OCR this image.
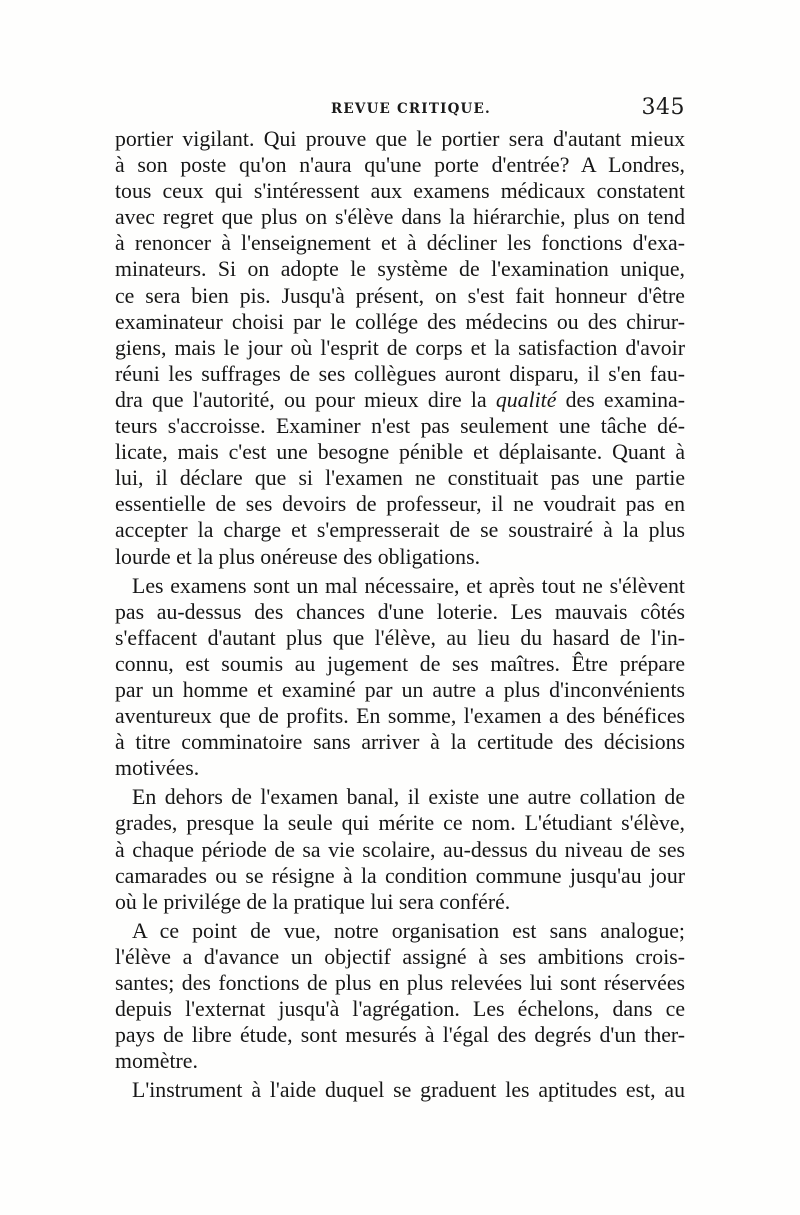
REVUE CRITIQUE.	345
portier vigilant. Qui prouve que le portier sera d'autant mieux
à son poste qu'on n'aura qu'une porte d'entrée? A Londres,
tous ceux qui s'intéressent aux examens médicaux constatent
avec regret que plus on s'élève dans la hiérarchie, plus on tend
à renoncer à l'enseignement et à décliner les fonctions d'exa-
minateurs. Si on adopte le système de l'examination unique,
ce sera bien pis. Jusqu'à présent, on s'est fait honneur d'être
examinateur choisi par le collége des médecins ou des chirur-
giens, mais le jour où l'esprit de corps et la satisfaction d'avoir
réuni les suffrages de ses collègues auront disparu, il s'en fau-
dra que l'autorité, ou pour mieux dire la qualité des examina-
teurs s'accroisse. Examiner n'est pas seulement une tâche dé-
licate, mais c'est une besogne pénible et déplaisante. Quant à
lui, il déclare que si l'examen ne constituait pas une partie
essentielle de ses devoirs de professeur, il ne voudrait pas en
accepter la charge et s'empresserait de se soustrairé à la plus
lourde et la plus onéreuse des obligations.
Les examens sont un mal nécessaire, et après tout ne s'élèvent
pas au-dessus des chances d'une loterie. Les mauvais côtés
s'effacent d'autant plus que l'élève, au lieu du hasard de l'in-
connu, est soumis au jugement de ses maîtres. Être prépare
par un homme et examiné par un autre a plus d'inconvénients
aventureux que de profits. En somme, l'examen a des bénéfices
à titre comminatoire sans arriver à la certitude des décisions
motivées.
En dehors de l'examen banal, il existe une autre collation de
grades, presque la seule qui mérite ce nom. L'étudiant s'élève,
à chaque période de sa vie scolaire, au-dessus du niveau de ses
camarades ou se résigne à la condition commune jusqu'au jour
où le privilége de la pratique lui sera conféré.
A ce point de vue, notre organisation est sans analogue;
l'élève a d'avance un objectif assigné à ses ambitions crois-
santes; des fonctions de plus en plus relevées lui sont réservées
depuis l'externat jusqu'à l'agrégation. Les échelons, dans ce
pays de libre étude, sont mesurés à l'égal des degrés d'un ther-
momètre.
L'instrument à l'aide duquel se graduent les aptitudes est, au
